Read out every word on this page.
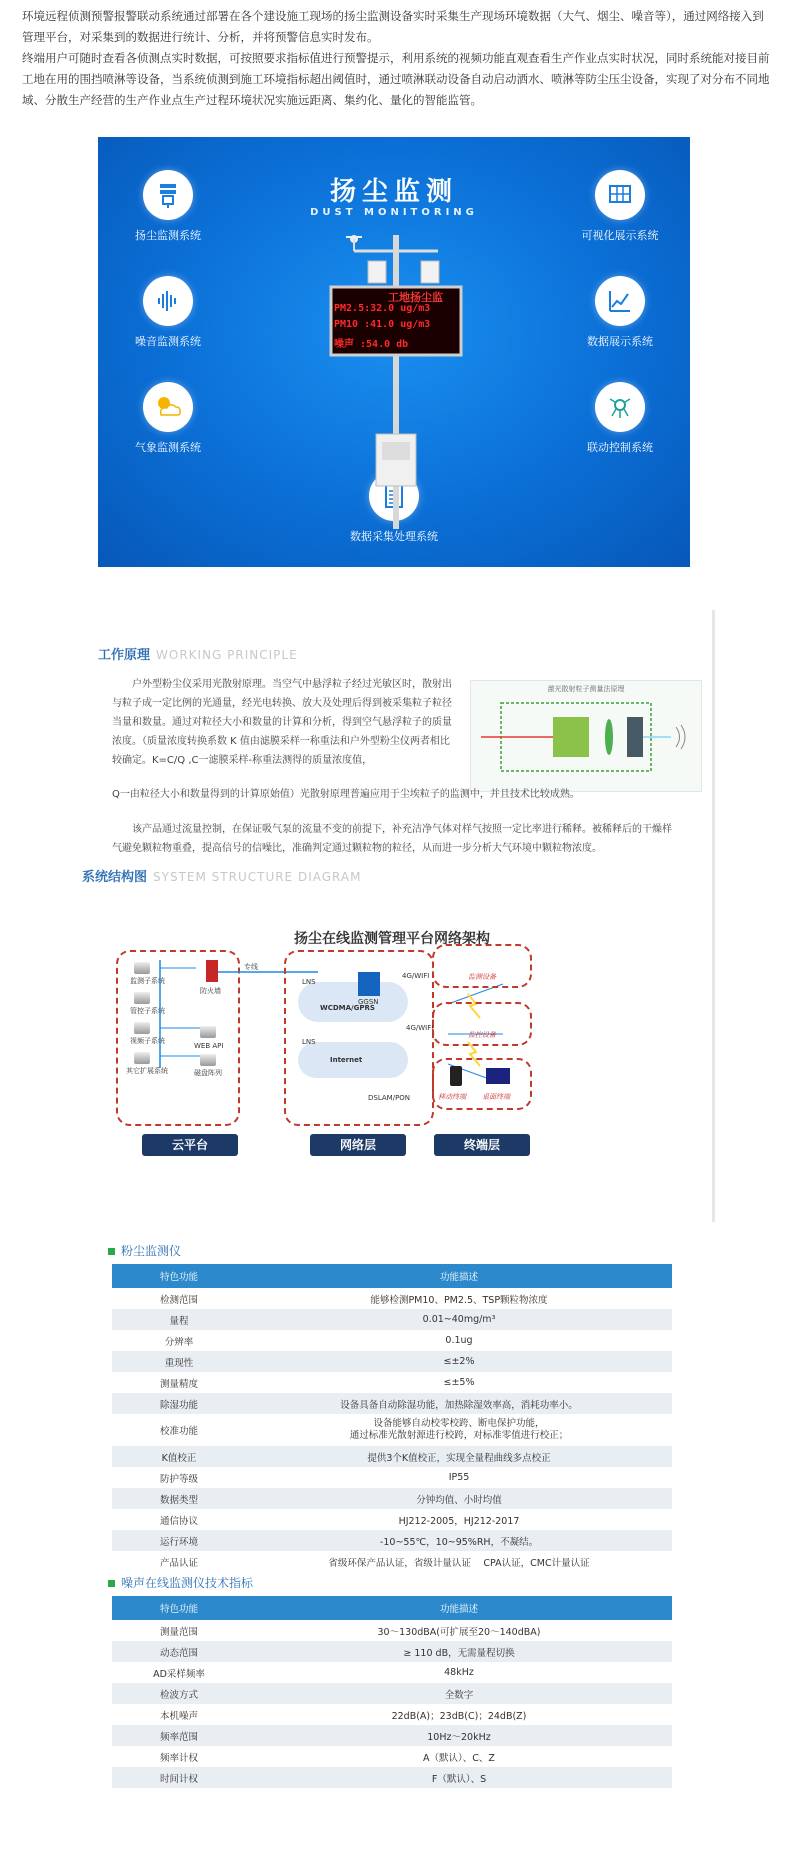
环境远程侦测预警报警联动系统通过部署在各个建设施工现场的扬尘监测设备实时采集生产现场环境数据（大气、烟尘、噪音等），通过网络接入到管理平台，对采集到的数据进行统计、分析，并将预警信息实时发布。

终端用户可随时查看各侦测点实时数据，可按照要求指标值进行预警提示，利用系统的视频功能直观查看生产作业点实时状况，同时系统能对接目前工地在用的围挡喷淋等设备，当系统侦测到施工环境指标超出阈值时，通过喷淋联动设备自动启动洒水、喷淋等防尘压尘设备，实现了对分布不同地域、分散生产经营的生产作业点生产过程环境状况实施远距离、集约化、量化的智能监管。

扬尘监测
DUST MONITORING
扬尘监测系统
噪音监测系统
气象监测系统
可视化展示系统
数据展示系统
联动控制系统
数据采集处理系统
工地扬尘监
PM2.5:32.0 ug/m3
PM10 :41.0 ug/m3
噪声 :54.0 db
工作原理 WORKING PRINCIPLE
户外型粉尘仪采用光散射原理。当空气中悬浮粒子经过光敏区时，散射出与粒子成一定比例的光通量，经光电转换、放大及处理后得到被采集粒子粒径当量和数量。通过对粒径大小和数量的计算和分析，得到空气悬浮粒子的质量浓度。（质量浓度转换系数 K 值由滤膜采样一称重法和户外型粉尘仪两者相比较确定。K=C/Q ,C一滤膜采样-称重法测得的质量浓度值，
激光散射粒子测量法原理
Q一由粒径大小和数量得到的计算原始值）光散射原理普遍应用于尘埃粒子的监测中，并且技术比较成熟。
该产品通过流量控制，在保证吸气泵的流量不变的前提下，补充洁净气体对样气按照一定比率进行稀释。被稀释后的干燥样气避免颗粒物重叠，提高信号的信噪比，准确判定通过颗粒物的粒径，从而进一步分析大气环境中颗粒物浓度。
系统结构图 SYSTEM STRUCTURE DIAGRAM
扬尘在线监测管理平台网络架构
监测子系统
管控子系统
视频子系统
其它扩展系统
WEB API
磁盘阵列
防火墙
专线
云平台
LNS
WCDMA/GPRS
Internet
LNS
DSLAM/PON
GGSN
4G/WIFI
4G/WIFI
网络层
监测设备
监控设备
移动终端 桌面终端
终端层
粉尘监测仪
特色功能	功能描述
检测范围	能够检测PM10、PM2.5、TSP颗粒物浓度
量程	0.01~40mg/m³
分辨率	0.1ug
重现性	≤±2%
测量精度	≤±5%
除湿功能	设备具备自动除湿功能，加热除湿效率高，消耗功率小。
校准功能	设备能够自动校零校跨、断电保护功能，
通过标准光散射源进行校跨，对标准零值进行校正；
K值校正	提供3个K值校正，实现全量程曲线多点校正
防护等级	IP55
数据类型	分钟均值、小时均值
通信协议	HJ212-2005，HJ212-2017
运行环境	-10~55℃，10~95%RH，不凝结。
产品认证	省级环保产品认证，省级计量认证　 CPA认证，CMC计量认证
噪声在线监测仪技术指标
特色功能	功能描述
测量范围	30～130dBA(可扩展至20～140dBA)
动态范围	≥ 110 dB，无需量程切换
AD采样频率	48kHz
检波方式	全数字
本机噪声	22dB(A)；23dB(C)；24dB(Z)
频率范围	10Hz～20kHz
频率计权	A（默认）、C、Z
时间计权	F（默认）、S
